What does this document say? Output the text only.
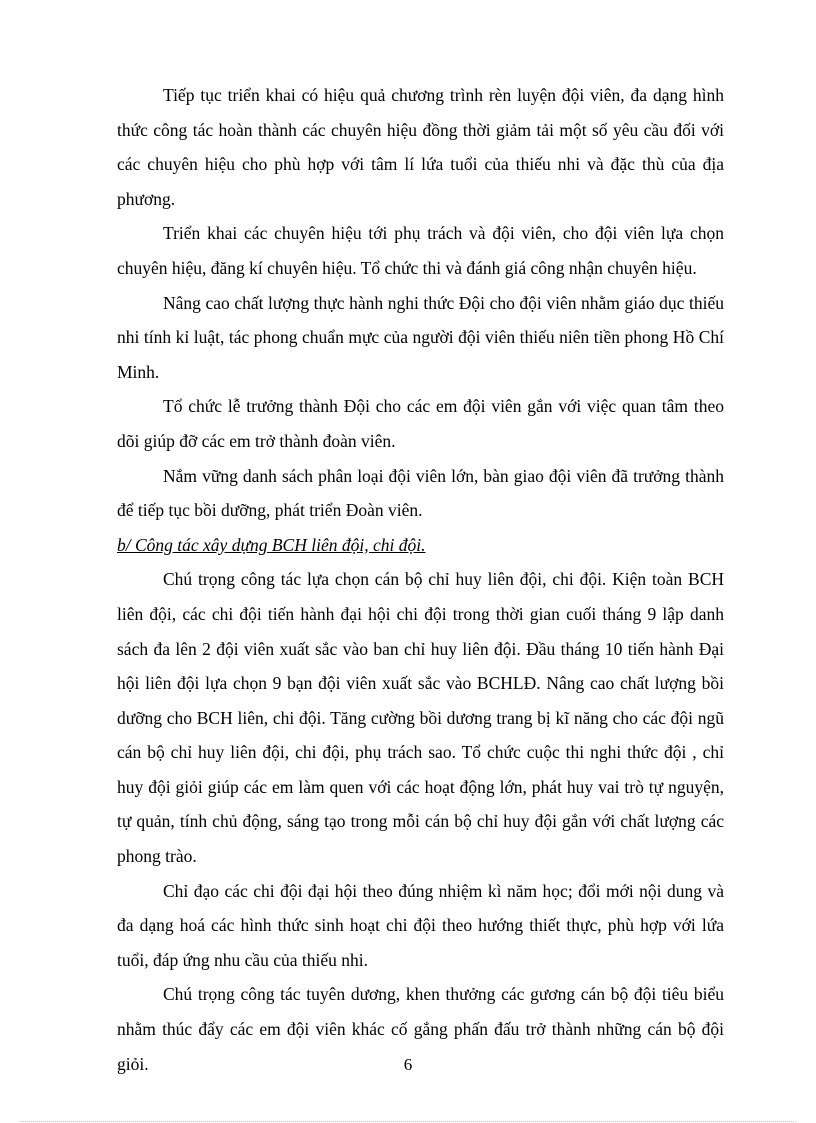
Tiếp tục triển khai có hiệu quả chương trình rèn luyện đội viên, đa dạng hình thức công tác hoàn thành các chuyên hiệu đồng thời giảm tải một số yêu cầu đối với các chuyên hiệu cho phù hợp với tâm lí lứa tuổi của thiếu nhi và đặc thù của địa phương.

Triển khai các chuyên hiệu tới phụ trách và đội viên, cho đội viên lựa chọn chuyên hiệu, đăng kí chuyên hiệu. Tổ chức thi và đánh giá công nhận chuyên hiệu.

Nâng cao chất lượng thực hành nghi thức Đội cho đội viên nhằm giáo dục thiếu nhi tính kỉ luật, tác phong chuẩn mực của người đội viên thiếu niên tiền phong Hồ Chí Minh.

Tổ chức lễ trưởng thành Đội cho các em đội viên gắn với việc quan tâm theo dõi giúp đỡ các em trở thành đoàn viên.

Nắm vững danh sách phân loại đội viên lớn, bàn giao đội viên đã trưởng thành để tiếp tục bồi dưỡng, phát triển Đoàn viên.

b/ Công tác xây dựng BCH liên đội, chi đội.

Chú trọng công tác lựa chọn cán bộ chỉ huy liên đội, chi đội. Kiện toàn BCH liên đội, các chi đội tiến hành đại hội chi đội trong thời gian cuối tháng 9 lập danh sách đa lên 2 đội viên xuất sắc vào ban chỉ huy liên đội. Đầu tháng 10 tiến hành Đại hội liên đội lựa chọn 9 bạn đội viên xuất sắc vào BCHLĐ. Nâng cao chất lượng bồi dưỡng cho BCH liên, chi đội. Tăng cường bồi dương trang bị kĩ năng cho các đội ngũ cán bộ chỉ huy liên đội, chi đội, phụ trách sao. Tổ chức cuộc thi nghi thức đội , chỉ huy đội giỏi giúp các em làm quen với các hoạt động lớn, phát huy vai trò tự nguyện, tự quản, tính chủ động, sáng tạo trong mỗi cán bộ chỉ huy đội gắn với chất lượng các phong trào.

Chỉ đạo các chi đội đại hội theo đúng nhiệm kì năm học; đổi mới nội dung và đa dạng hoá các hình thức sinh hoạt chi đội theo hướng thiết thực, phù hợp với lứa tuổi, đáp ứng nhu cầu của thiếu nhi.

Chú trọng công tác tuyên dương, khen thưởng các gương cán bộ đội tiêu biểu nhằm thúc đẩy các em đội viên khác cố gắng phấn đấu trở thành những cán bộ đội giỏi.	6
